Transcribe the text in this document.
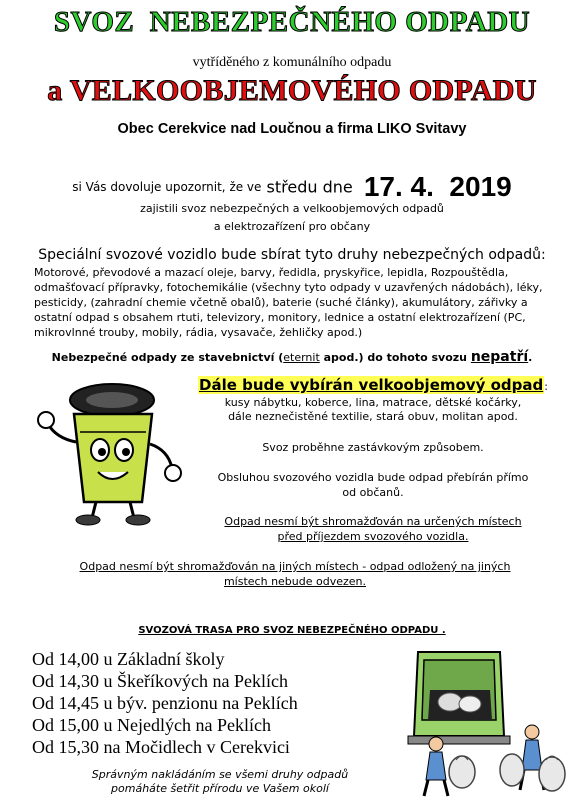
SVOZ  NEBEZPEČNÉHO ODPADU
vytříděného z komunálního odpadu
a VELKOOBJEMOVÉHO ODPADU
Obec Cerekvice nad Loučnou a firma LIKO Svitavy
si Vás dovoluje upozornit, že ve středu dne 17. 4.  2019
zajistili svoz nebezpečných a velkoobjemových odpadů
a elektrozařízení pro občany
Speciální svozové vozidlo bude sbírat tyto druhy nebezpečných odpadů:
Motorové, převodové a mazací oleje, barvy, ředidla, pryskyřice, lepidla, Rozpouštědla, odmašťovací přípravky, fotochemikálie (všechny tyto odpady v uzavřených nádobách), léky, pesticidy, (zahradní chemie včetně obalů), baterie (suché články), akumulátory, zářivky a ostatní odpad s obsahem rtuti, televizory, monitory, lednice a ostatní elektrozařízení (PC, mikrovlnné trouby, mobily, rádia, vysavače, žehličky apod.)
Nebezpečné odpady ze stavebnictví (eternit apod.) do tohoto svozu nepatří.
Dále bude vybírán velkoobjemový odpad:
kusy nábytku, koberce, lina, matrace, dětské kočárky,
dále neznečistěné textilie, stará obuv, molitan apod.
Svoz proběhne zastávkovým způsobem.
Obsluhou svozového vozidla bude odpad přebírán přímo
od občanů.
Odpad nesmí být shromažďován na určených místech
před příjezdem svozového vozidla.
Odpad nesmí být shromažďován na jiných místech - odpad odložený na jiných
místech nebude odvezen.
SVOZOVÁ TRASA PRO SVOZ NEBEZPEČNÉHO ODPADU .
Od 14,00 u Základní školy
Od 14,30 u Škeříkových na Peklích
Od 14,45 u býv. penzionu na Peklích
Od 15,00 u Nejedlých na Peklích
Od 15,30 na Močidlech v Cerekvici
Správným nakládáním se všemi druhy odpadů
pomáháte šetřit přírodu ve Vašem okolí
